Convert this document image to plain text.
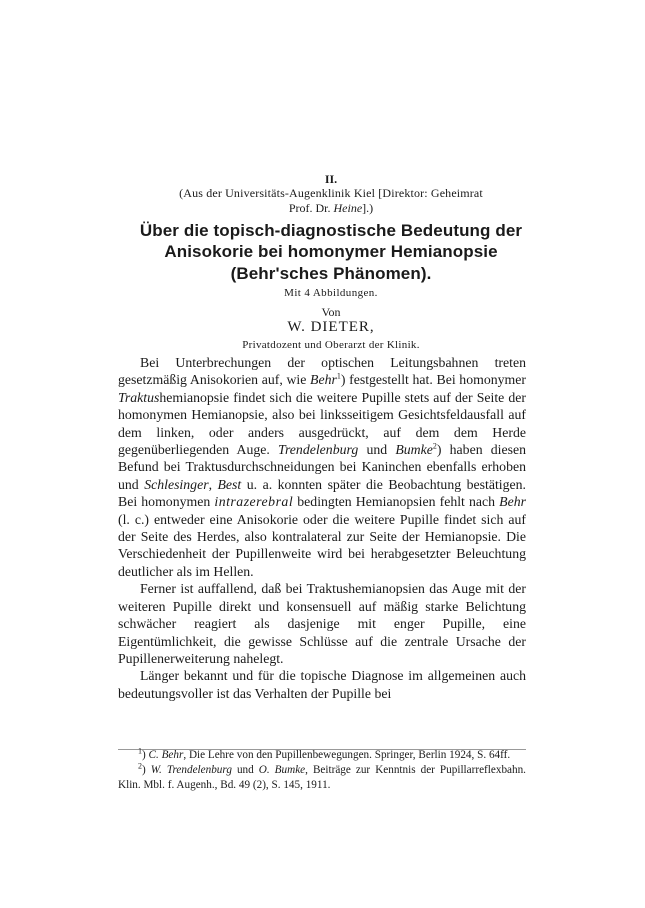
II.
(Aus der Universitäts-Augenklinik Kiel [Direktor: Geheimrat
Prof. Dr. Heine].)
Über die topisch-diagnostische Bedeutung der
Anisokorie bei homonymer Hemianopsie
(Behr'sches Phänomen).
Mit 4 Abbildungen.
Von
W. DIETER,
Privatdozent und Oberarzt der Klinik.

Bei Unterbrechungen der optischen Leitungsbahnen treten gesetzmäßig Anisokorien auf, wie Behr$^1$) festgestellt hat. Bei homonymer Traktushemianopsie findet sich die weitere Pupille stets auf der Seite der homonymen Hemianopsie, also bei linksseitigem Gesichtsfeldausfall auf dem linken, oder anders ausgedrückt, auf dem dem Herde gegenüberliegenden Auge. Trendelenburg und Bumke$^2$) haben diesen Befund bei Traktusdurchschneidungen bei Kaninchen ebenfalls erhoben und Schlesinger, Best u. a. konnten später die Beobachtung bestätigen. Bei homonymen intrazerebral bedingten Hemianopsien fehlt nach Behr (l. c.) entweder eine Anisokorie oder die weitere Pupille findet sich auf der Seite des Herdes, also kontralateral zur Seite der Hemianopsie. Die Verschiedenheit der Pupillenweite wird bei herabgesetzter Beleuchtung deutlicher als im Hellen.

Ferner ist auffallend, daß bei Traktushemianopsien das Auge mit der weiteren Pupille direkt und konsensuell auf mäßig starke Belichtung schwächer reagiert als dasjenige mit enger Pupille, eine Eigentümlichkeit, die gewisse Schlüsse auf die zentrale Ursache der Pupillenerweiterung nahelegt.

Länger bekannt und für die topische Diagnose im allgemeinen auch bedeutungsvoller ist das Verhalten der Pupille bei

$^1$) C. Behr, Die Lehre von den Pupillenbewegungen. Springer, Berlin 1924, S. 64ff.

$^2$) W. Trendelenburg und O. Bumke, Beiträge zur Kenntnis der Pupillarreflexbahn. Klin. Mbl. f. Augenh., Bd. 49 (2), S. 145, 1911.
